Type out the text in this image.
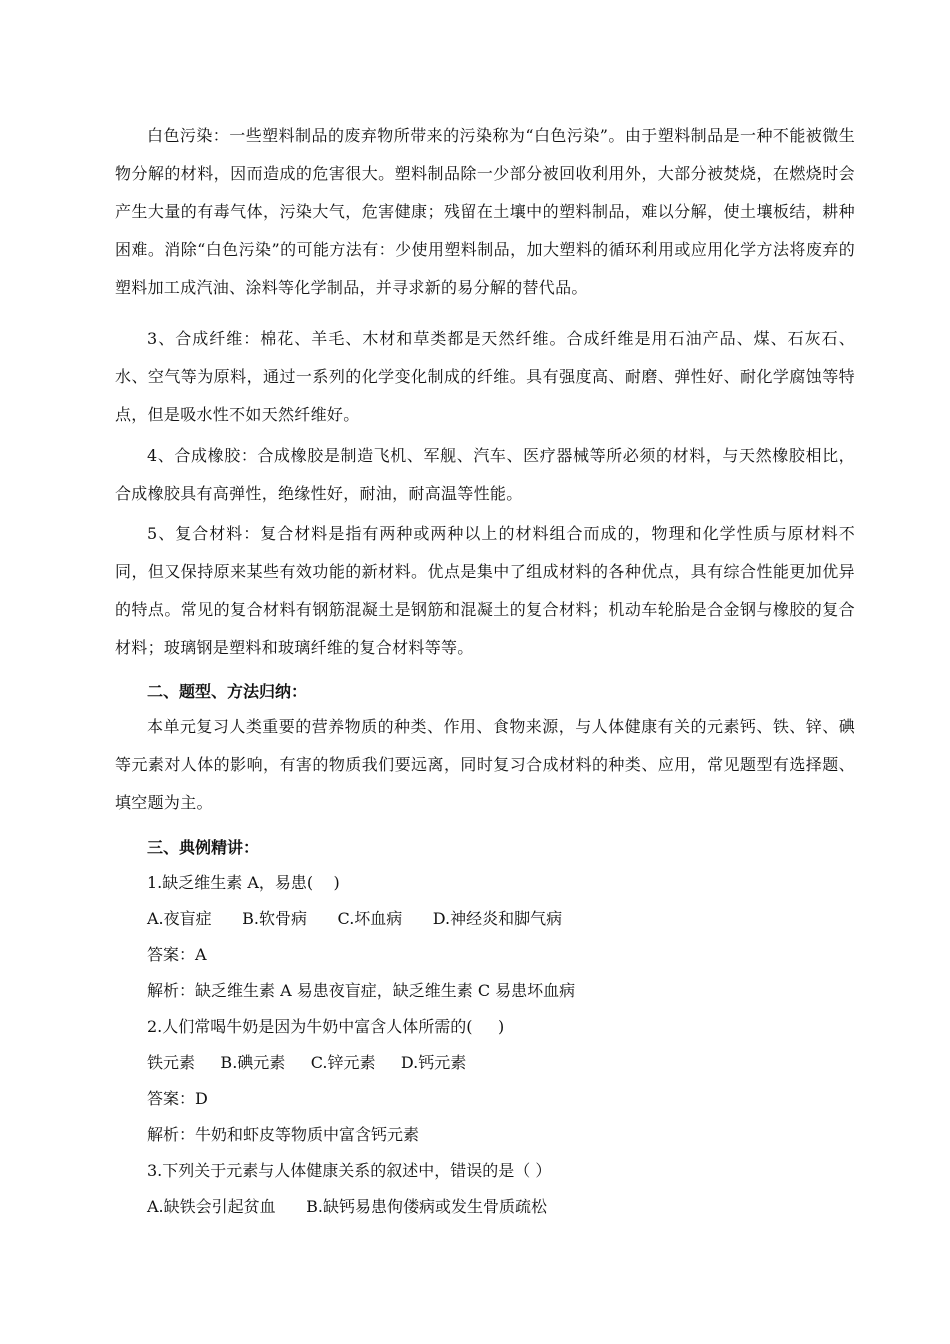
白色污染：一些塑料制品的废弃物所带来的污染称为“白色污染”。由于塑料制品是一种不能被微生物分解的材料，因而造成的危害很大。塑料制品除一少部分被回收利用外，大部分被焚烧，在燃烧时会产生大量的有毒气体，污染大气，危害健康；残留在土壤中的塑料制品，难以分解，使土壤板结，耕种困难。消除“白色污染”的可能方法有：少使用塑料制品，加大塑料的循环利用或应用化学方法将废弃的塑料加工成汽油、涂料等化学制品，并寻求新的易分解的替代品。

3、合成纤维：棉花、羊毛、木材和草类都是天然纤维。合成纤维是用石油产品、煤、石灰石、水、空气等为原料，通过一系列的化学变化制成的纤维。具有强度高、耐磨、弹性好、耐化学腐蚀等特点，但是吸水性不如天然纤维好。

4、合成橡胶：合成橡胶是制造飞机、军舰、汽车、医疗器械等所必须的材料，与天然橡胶相比，合成橡胶具有高弹性，绝缘性好，耐油，耐高温等性能。

5、复合材料：复合材料是指有两种或两种以上的材料组合而成的，物理和化学性质与原材料不同，但又保持原来某些有效功能的新材料。优点是集中了组成材料的各种优点，具有综合性能更加优异的特点。常见的复合材料有钢筋混凝土是钢筋和混凝土的复合材料；机动车轮胎是合金钢与橡胶的复合材料；玻璃钢是塑料和玻璃纤维的复合材料等等。

二、题型、方法归纳：

本单元复习人类重要的营养物质的种类、作用、食物来源，与人体健康有关的元素钙、铁、锌、碘等元素对人体的影响，有害的物质我们要远离，同时复习合成材料的种类、应用，常见题型有选择题、填空题为主。

三、典例精讲：
1.缺乏维生素 A，易患(    )
A.夜盲症      B.软骨病      C.坏血病      D.神经炎和脚气病
答案：A
解析：缺乏维生素 A 易患夜盲症，缺乏维生素 C 易患坏血病
2.人们常喝牛奶是因为牛奶中富含人体所需的(     )
铁元素     B.碘元素     C.锌元素     D.钙元素
答案：D
解析：牛奶和虾皮等物质中富含钙元素
3.下列关于元素与人体健康关系的叙述中，错误的是（ ）
A.缺铁会引起贫血      B.缺钙易患佝偻病或发生骨质疏松
